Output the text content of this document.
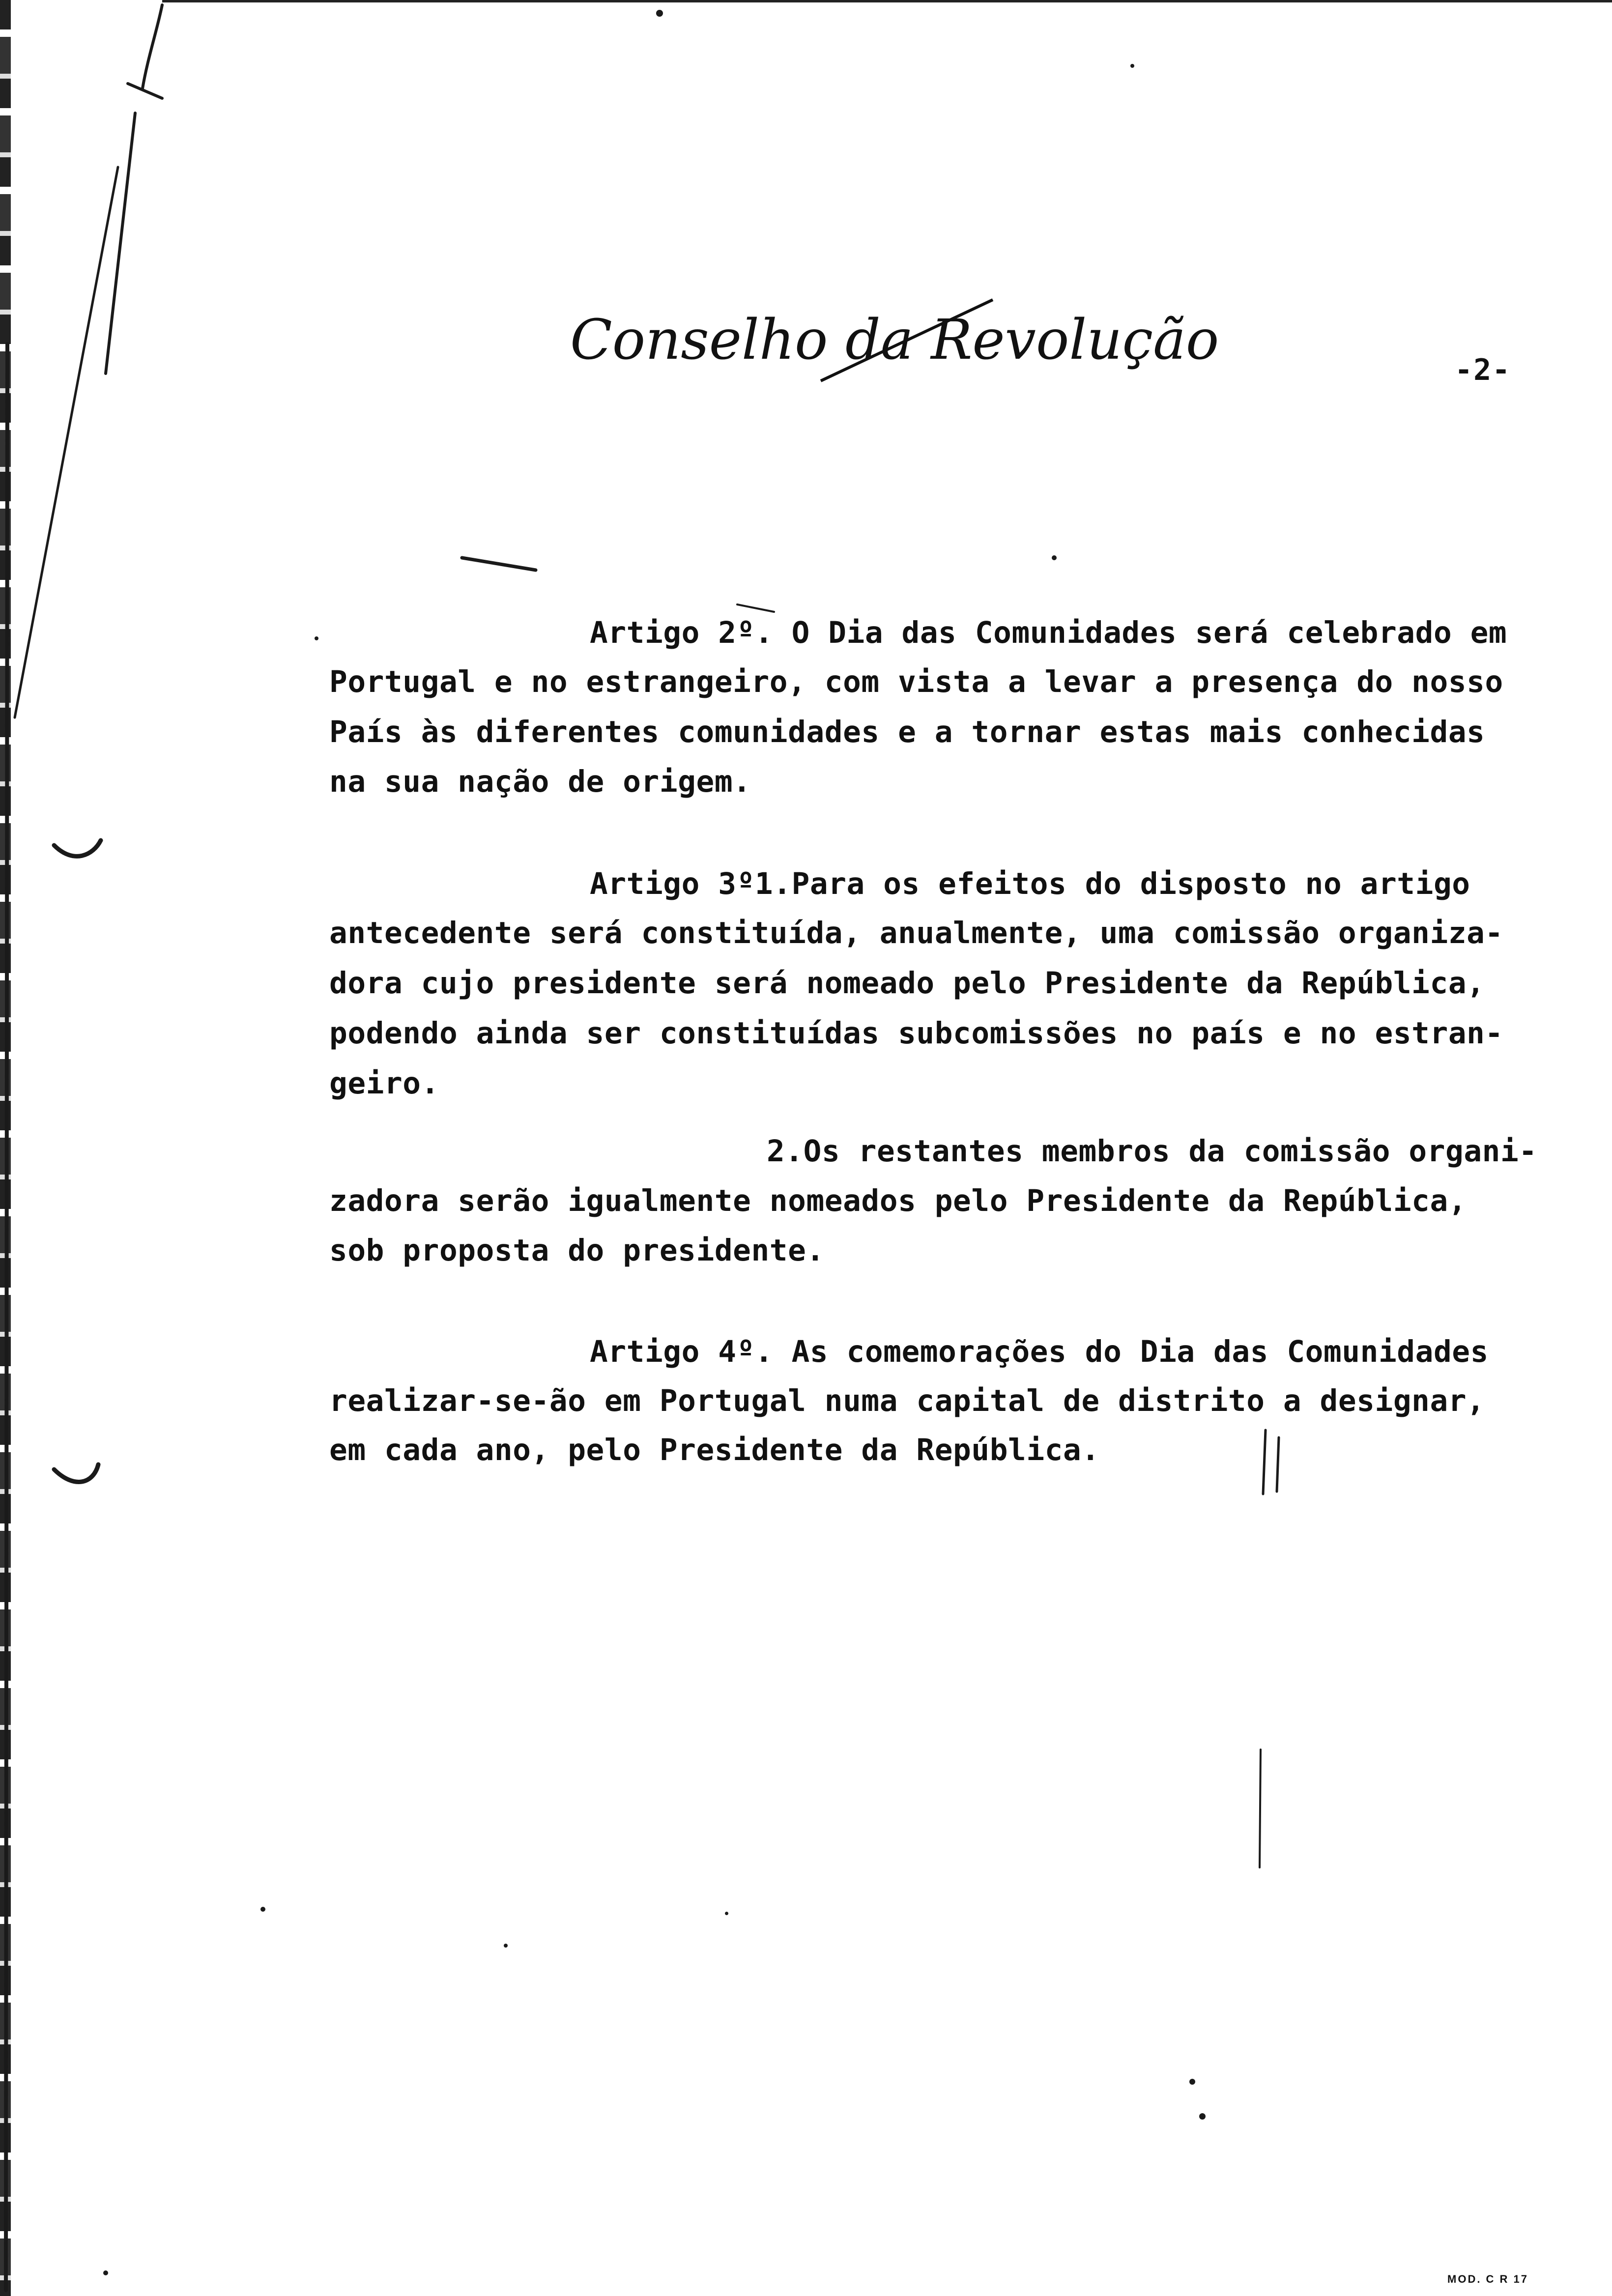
Conselho da Revolução	-2-
Artigo 2º. O Dia das Comunidades será celebrado em
Portugal e no estrangeiro, com vista a levar a presença do nosso
País às diferentes comunidades e a tornar estas mais conhecidas
na sua nação de origem.
Artigo 3º1.Para os efeitos do disposto no artigo
antecedente será constituída, anualmente, uma comissão organiza-
dora cujo presidente será nomeado pelo Presidente da República,
podendo ainda ser constituídas subcomissões no país e no estran-
geiro.
2.Os restantes membros da comissão organi-
zadora serão igualmente nomeados pelo Presidente da República,
sob proposta do presidente.
Artigo 4º. As comemorações do Dia das Comunidades
realizar-se-ão em Portugal numa capital de distrito a designar,
em cada ano, pelo Presidente da República.
MOD. C R 17
